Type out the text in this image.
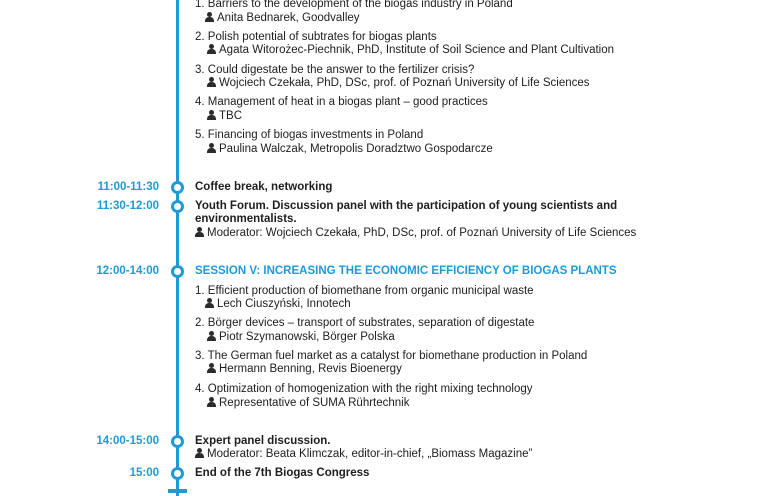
1. Barriers to the development of the biogas industry in Poland
Anita Bednarek, Goodvalley
2. Polish potential of subtrates for biogas plants
Agata Witorożec-Piechnik, PhD, Institute of Soil Science and Plant Cultivation
3. Could digestate be the answer to the fertilizer crisis?
Wojciech Czekała, PhD, DSc, prof. of Poznań University of Life Sciences
4. Management of heat in a biogas plant – good practices
TBC
5. Financing of biogas investments in Poland
Paulina Walczak, Metropolis Doradztwo Gospodarcze
11:00-11:30	Coffee break, networking
11:30-12:00	Youth Forum. Discussion panel with the participation of young scientists and
environmentalists.
Moderator: Wojciech Czekała, PhD, DSc, prof. of Poznań University of Life Sciences
12:00-14:00	SESSION V: INCREASING THE ECONOMIC EFFICIENCY OF BIOGAS PLANTS
1. Efficient production of biomethane from organic municipal waste
Lech Ciuszyński, Innotech
2. Börger devices – transport of substrates, separation of digestate
Piotr Szymanowski, Börger Polska
3. The German fuel market as a catalyst for biomethane production in Poland
Hermann Benning, Revis Bioenergy
4. Optimization of homogenization with the right mixing technology
Representative of SUMA Rührtechnik
14:00-15:00	Expert panel discussion.
Moderator: Beata Klimczak, editor-in-chief, „Biomass Magazine”
15:00	End of the 7th Biogas Congress
